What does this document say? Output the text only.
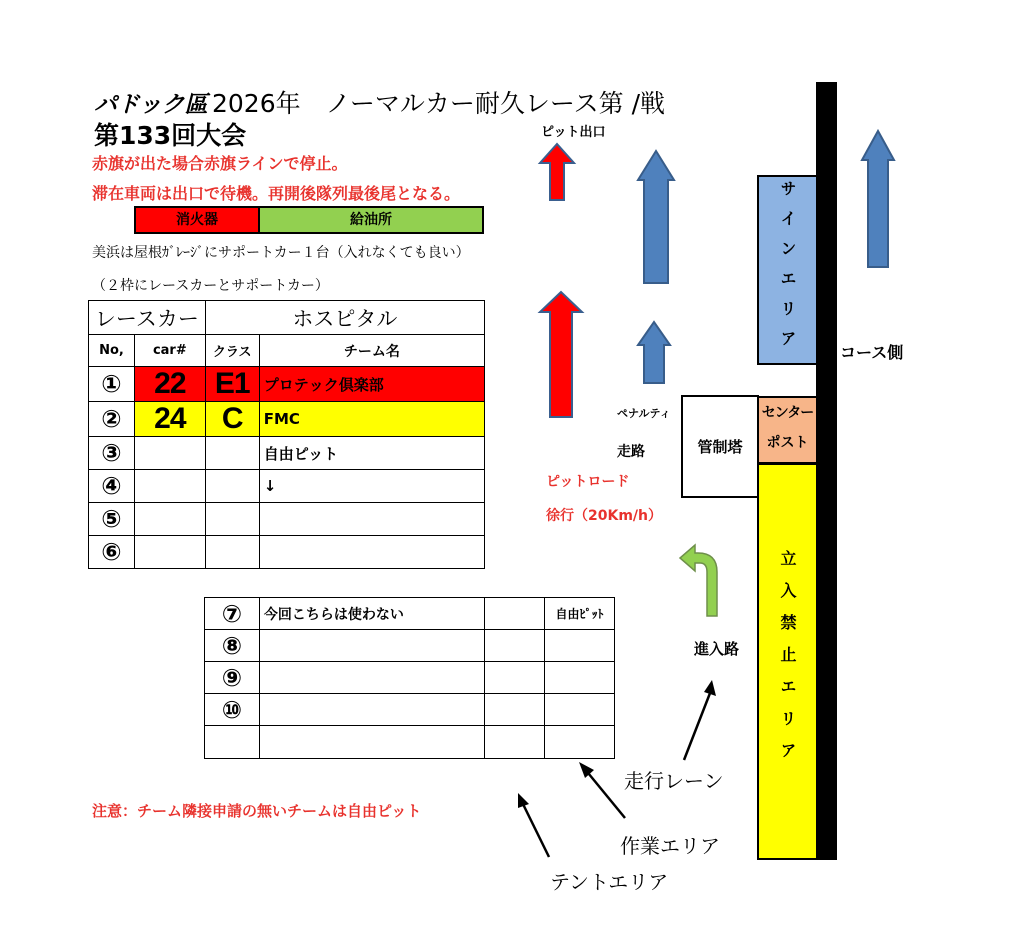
パドック區 2026年　ノーマルカー耐久レース第 /戦
第133回大会
赤旗が出た場合赤旗ラインで停止。
滞在車両は出口で待機。再開後隊列最後尾となる。
消火器	給油所
美浜は屋根ｶﾞﾚｰｼﾞにサポートカー１台（入れなくても良い）
（２枠にレースカーとサポートカー）
レースカー		ホスピタル	
No,	car#	クラス	チーム名
①	22	E1	プロテック倶楽部
②	24	C	FMC
③			自由ピット
④			↓
⑤			
⑥			
⑦	今回こちらは使わない		自由ﾋﾟｯﾄ
⑧			
⑨			
⑩			

注意：チーム隣接申請の無いチームは自由ピット
サインエリア
センター
ポスト
立入禁止エリア
管制塔
ピット出口
コース側
ペナルティ
走路
ピットロード
徐行（20Km/h）
進入路
走行レーン
作業エリア
テントエリア
